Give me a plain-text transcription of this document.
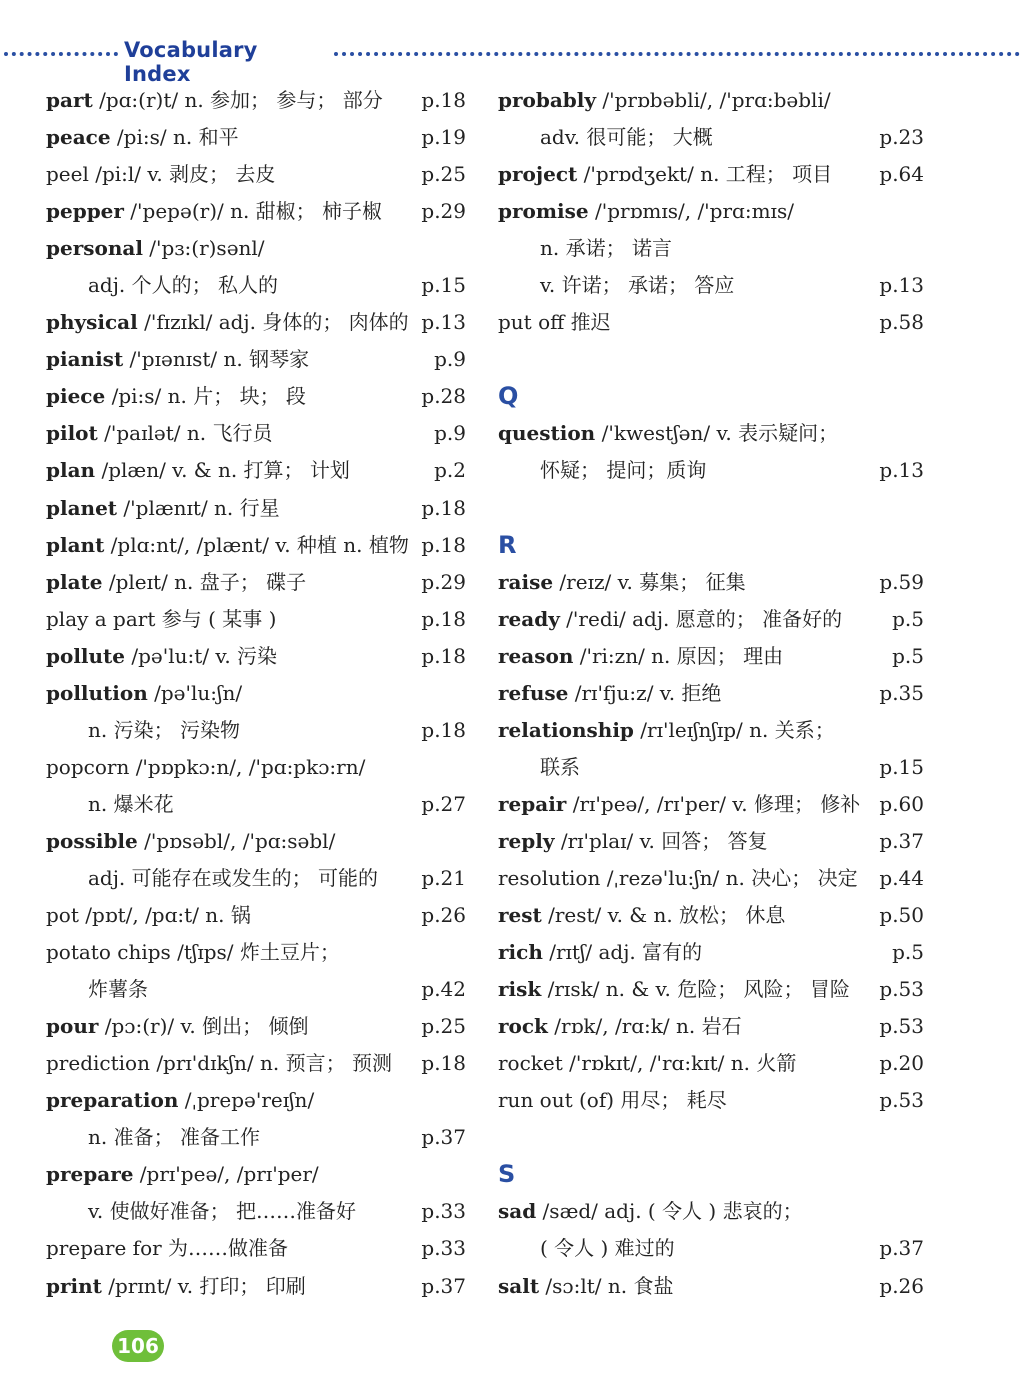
Vocabulary Index
part /pɑ:(r)t/ n. 参加； 参与； 部分 p.18
peace /pi:s/ n. 和平	p.19
peel /pi:l/ v. 剥皮； 去皮	p.25
pepper /'pepə(r)/ n. 甜椒； 柿子椒 p.29
personal /'pɜ:(r)sənl/
adj. 个人的； 私人的	p.15
physical /'fɪzɪkl/ adj. 身体的； 肉体的 p.13
pianist /'pɪənɪst/ n. 钢琴家	p.9
piece /pi:s/ n. 片； 块； 段	p.28
pilot /'paɪlət/ n. 飞行员	p.9
plan /plæn/ v. & n. 打算； 计划	p.2
planet /'plænɪt/ n. 行星	p.18
plant /plɑ:nt/, /plænt/ v. 种植 n. 植物 p.18
plate /pleɪt/ n. 盘子； 碟子	p.29
play a part 参与 ( 某事 )	p.18
pollute /pə'lu:t/ v. 污染	p.18
pollution /pə'lu:ʃn/
n. 污染； 污染物	p.18
popcorn /'pɒpkɔ:n/, /'pɑ:pkɔ:rn/
n. 爆米花	p.27
possible /'pɒsəbl/, /'pɑ:səbl/
adj. 可能存在或发生的； 可能的 p.21
pot /pɒt/, /pɑ:t/ n. 锅	p.26
potato chips /tʃɪps/ 炸土豆片；
炸薯条	p.42
pour /pɔ:(r)/ v. 倒出； 倾倒	p.25
prediction /prɪ'dɪkʃn/ n. 预言； 预测 p.18
preparation /ˌprepə'reɪʃn/
n. 准备； 准备工作	p.37
prepare /prɪ'peə/, /prɪ'per/
v. 使做好准备； 把……准备好	p.33
prepare for 为……做准备	p.33
print /prɪnt/ v. 打印； 印刷	p.37
probably /'prɒbəbli/, /'prɑ:bəbli/
adv. 很可能； 大概	p.23
project /'prɒdʒekt/ n. 工程； 项目 p.64
promise /'prɒmɪs/, /'prɑ:mɪs/
n. 承诺； 诺言
v. 许诺； 承诺； 答应	p.13
put off 推迟	p.58
Q
question /'kwestʃən/ v. 表示疑问；
怀疑； 提问；质询	p.13
R
raise /reɪz/ v. 募集； 征集	p.59
ready /'redi/ adj. 愿意的； 准备好的 p.5
reason /'ri:zn/ n. 原因； 理由	p.5
refuse /rɪ'fju:z/ v. 拒绝	p.35
relationship /rɪ'leɪʃnʃɪp/ n. 关系；
联系	p.15
repair /rɪ'peə/, /rɪ'per/ v. 修理； 修补 p.60
reply /rɪ'plaɪ/ v. 回答； 答复	p.37
resolution /ˌrezə'lu:ʃn/ n. 决心； 决定 p.44
rest /rest/ v. & n. 放松； 休息	p.50
rich /rɪtʃ/ adj. 富有的	p.5
risk /rɪsk/ n. & v. 危险； 风险； 冒险 p.53
rock /rɒk/, /rɑ:k/ n. 岩石	p.53
rocket /'rɒkɪt/, /'rɑ:kɪt/ n. 火箭	p.20
run out (of) 用尽； 耗尽	p.53
S
sad /sæd/ adj. ( 令人 ) 悲哀的；
( 令人 ) 难过的	p.37
salt /sɔ:lt/ n. 食盐	p.26
106
